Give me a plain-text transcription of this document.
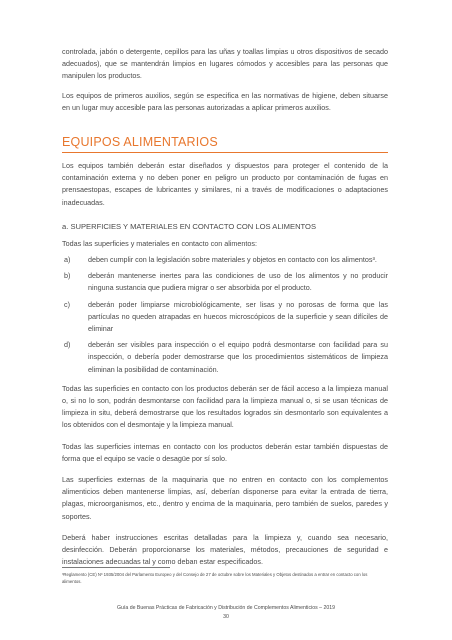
controlada, jabón o detergente, cepillos para las uñas y toallas limpias u otros dispositivos de secado adecuados), que se mantendrán limpios en lugares cómodos y accesibles para las personas que manipulen los productos.

Los equipos de primeros auxilios, según se especifica en las normativas de higiene, deben situarse en un lugar muy accesible para las personas autorizadas a aplicar primeros auxilios.

EQUIPOS ALIMENTARIOS

Los equipos también deberán estar diseñados y dispuestos para proteger el contenido de la contaminación externa y no deben poner en peligro un producto por contaminación de fugas en prensaestopas, escapes de lubricantes y similares, ni a través de modificaciones o adaptaciones inadecuadas.

a. SUPERFICIES Y MATERIALES EN CONTACTO CON LOS ALIMENTOS

Todas las superficies y materiales en contacto con alimentos:

a)	deben cumplir con la legislación sobre materiales y objetos en contacto con los alimentos³.
b)	deberán mantenerse inertes para las condiciones de uso de los alimentos y no producir ninguna sustancia que pudiera migrar o ser absorbida por el producto.
c)	deberán poder limpiarse microbiológicamente, ser lisas y no porosas de forma que las partículas no queden atrapadas en huecos microscópicos de la superficie y sean difíciles de eliminar
d)	deberán ser visibles para inspección o el equipo podrá desmontarse con facilidad para su inspección, o debería poder demostrarse que los procedimientos sistemáticos de limpieza eliminan la posibilidad de contaminación.

Todas las superficies en contacto con los productos deberán ser de fácil acceso a la limpieza manual o, si no lo son, podrán desmontarse con facilidad para la limpieza manual o, si se usan técnicas de limpieza in situ, deberá demostrarse que los resultados logrados sin desmontarlo son equivalentes a los obtenidos con el desmontaje y la limpieza manual.

Todas las superficies internas en contacto con los productos deberán estar también dispuestas de forma que el equipo se vacíe o desagüe por sí solo.

Las superficies externas de la maquinaria que no entren en contacto con los complementos alimenticios deben mantenerse limpias, así, deberían disponerse para evitar la entrada de tierra, plagas, microorganismos, etc., dentro y encima de la maquinaria, pero también de suelos, paredes y soportes.

Deberá haber instrucciones escritas detalladas para la limpieza y, cuando sea necesario, desinfección. Deberán proporcionarse los materiales, métodos, precauciones de seguridad e instalaciones adecuadas tal y como deban estar especificados.

³Reglamento (CE) Nº 1935/2004 del Parlamento Europeo y del Consejo de 27 de octubre sobre los Materiales y Objetos destinados a entrar en contacto con los alimentos.
Guía de Buenas Prácticas de Fabricación y Distribución de Complementos Alimenticios – 2019
30
